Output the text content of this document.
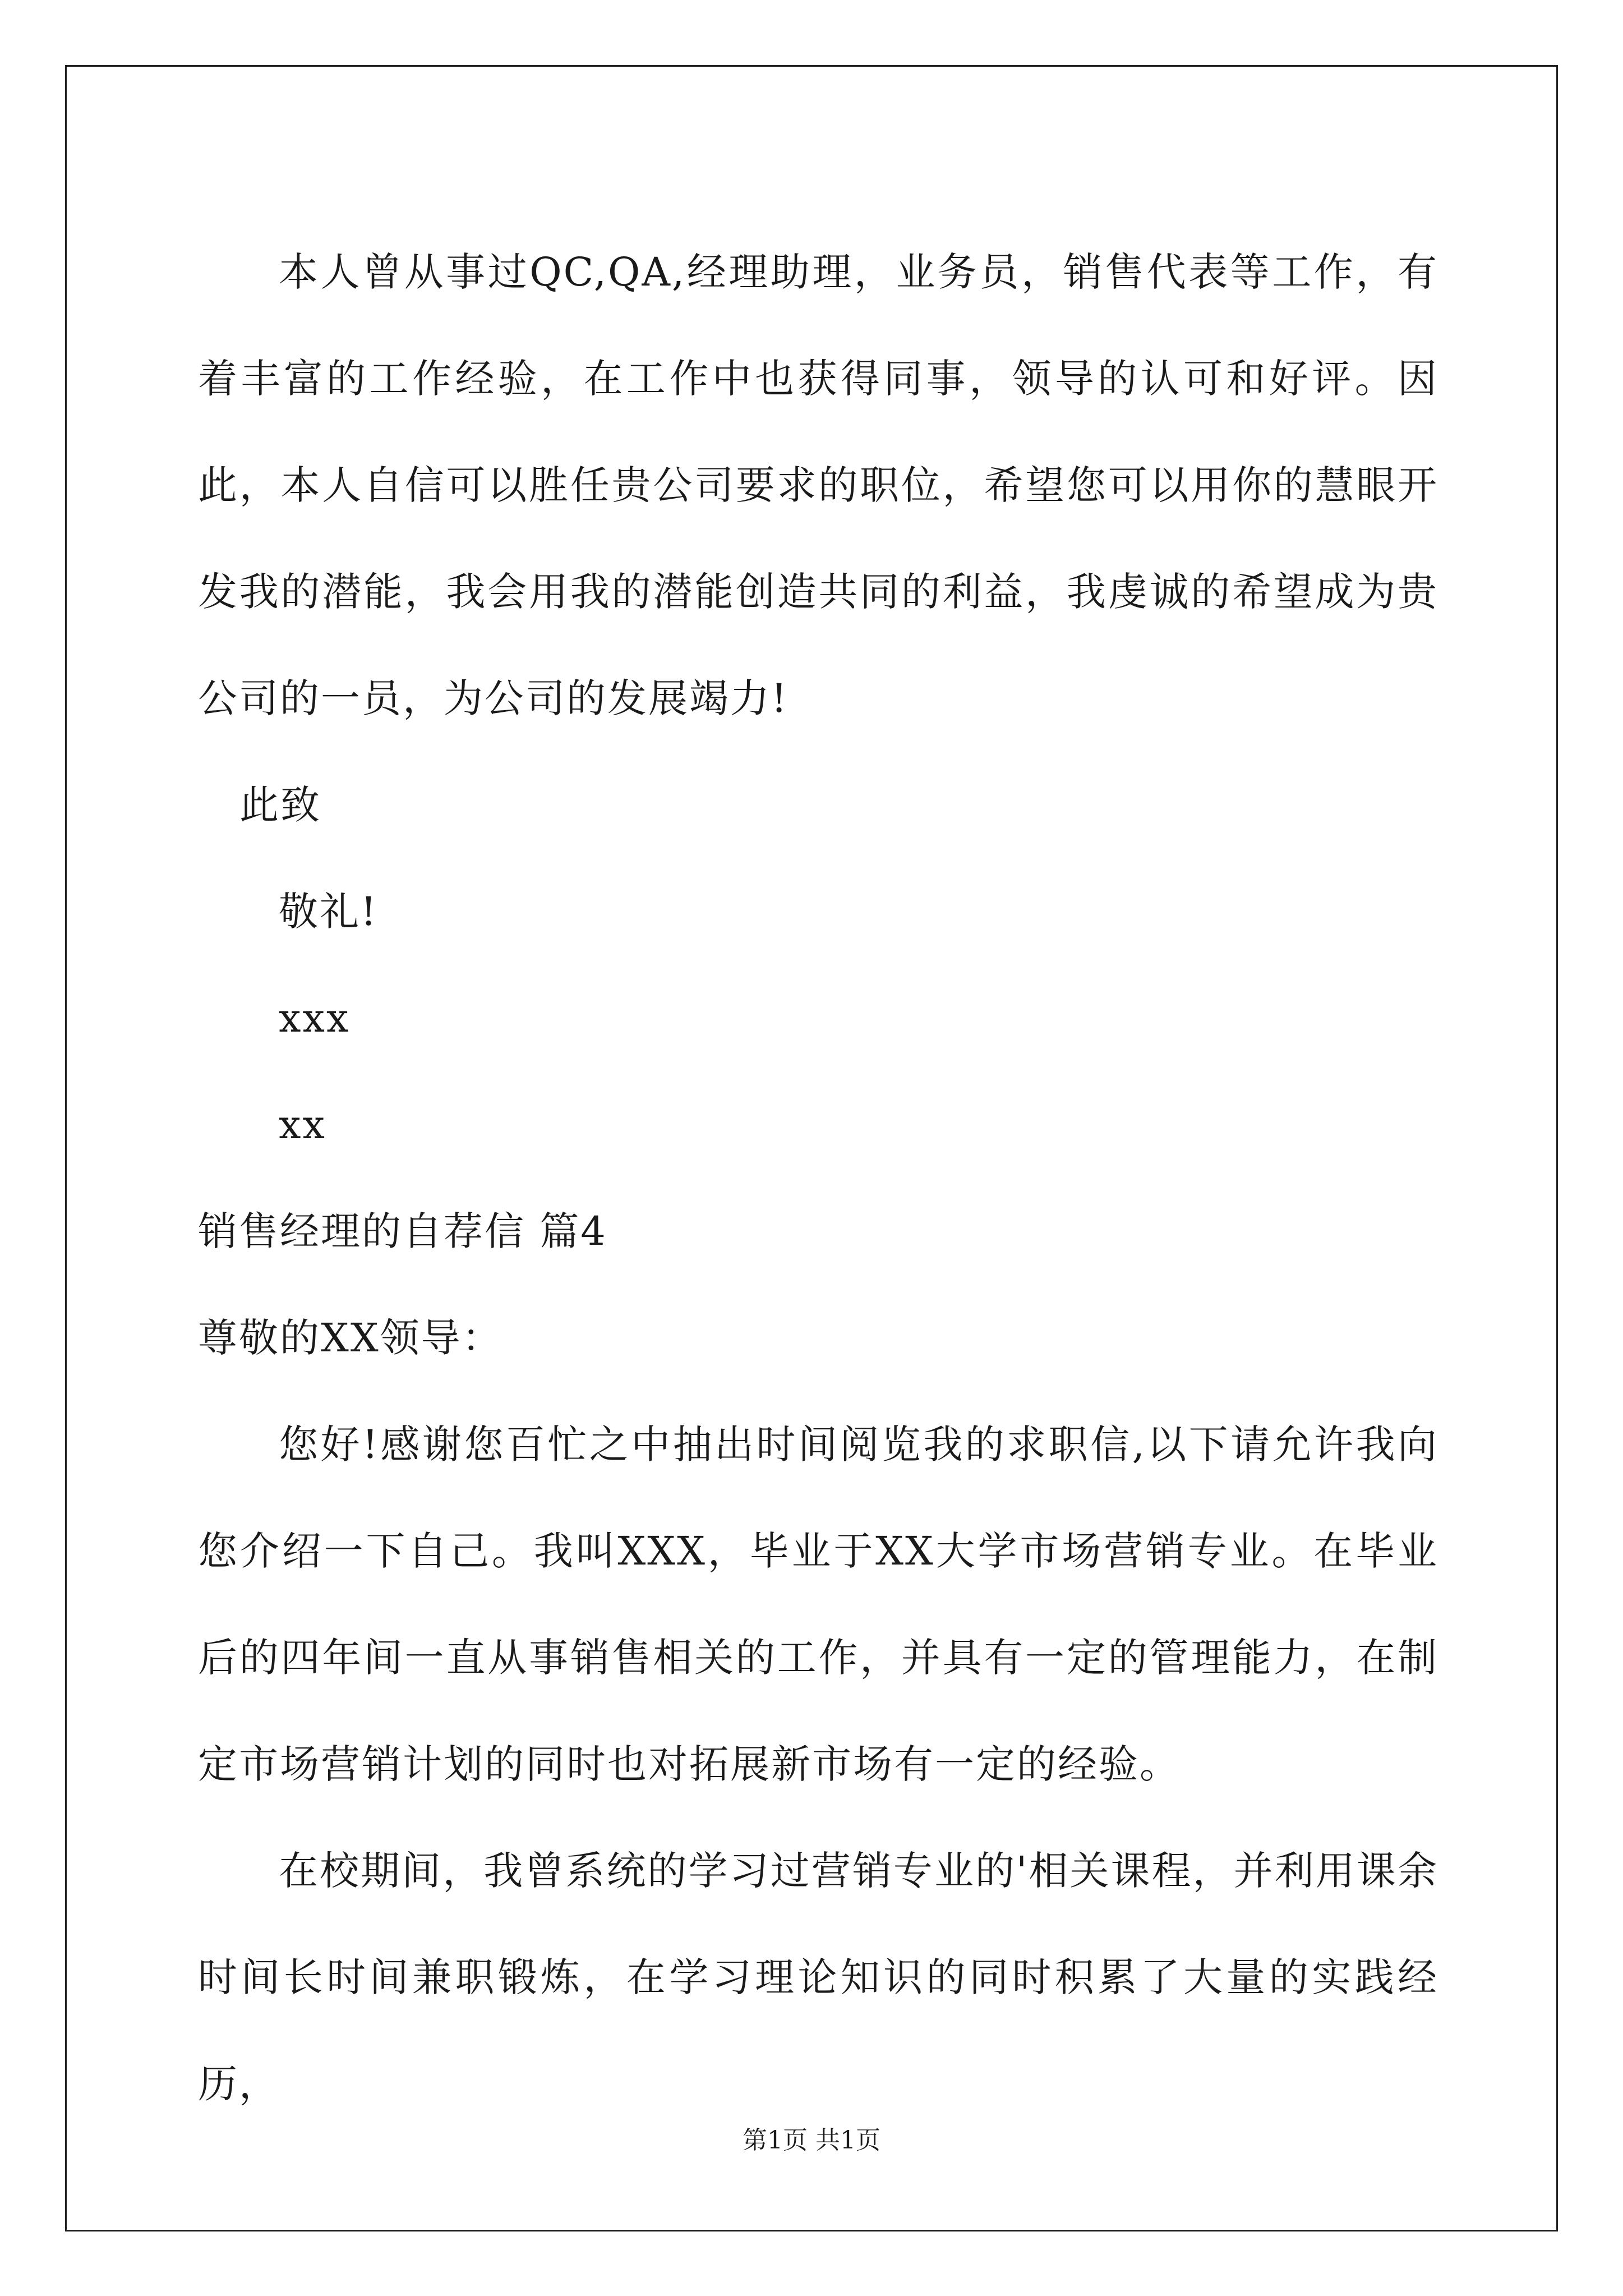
本人曾从事过QC,QA,经理助理，业务员，销售代表等工作，有着丰富的工作经验，在工作中也获得同事，领导的认可和好评。因此，本人自信可以胜任贵公司要求的职位，希望您可以用你的慧眼开发我的潜能，我会用我的潜能创造共同的利益，我虔诚的希望成为贵公司的一员，为公司的发展竭力!

此致

敬礼!

xxx

xx

销售经理的自荐信 篇4

尊敬的XX领导：

您好!感谢您百忙之中抽出时间阅览我的求职信,以下请允许我向您介绍一下自己。我叫XXX，毕业于XX大学市场营销专业。在毕业后的四年间一直从事销售相关的工作，并具有一定的管理能力，在制定市场营销计划的同时也对拓展新市场有一定的经验。

在校期间，我曾系统的学习过营销专业的'相关课程，并利用课余时间长时间兼职锻炼，在学习理论知识的同时积累了大量的实践经历，

第1页 共1页
